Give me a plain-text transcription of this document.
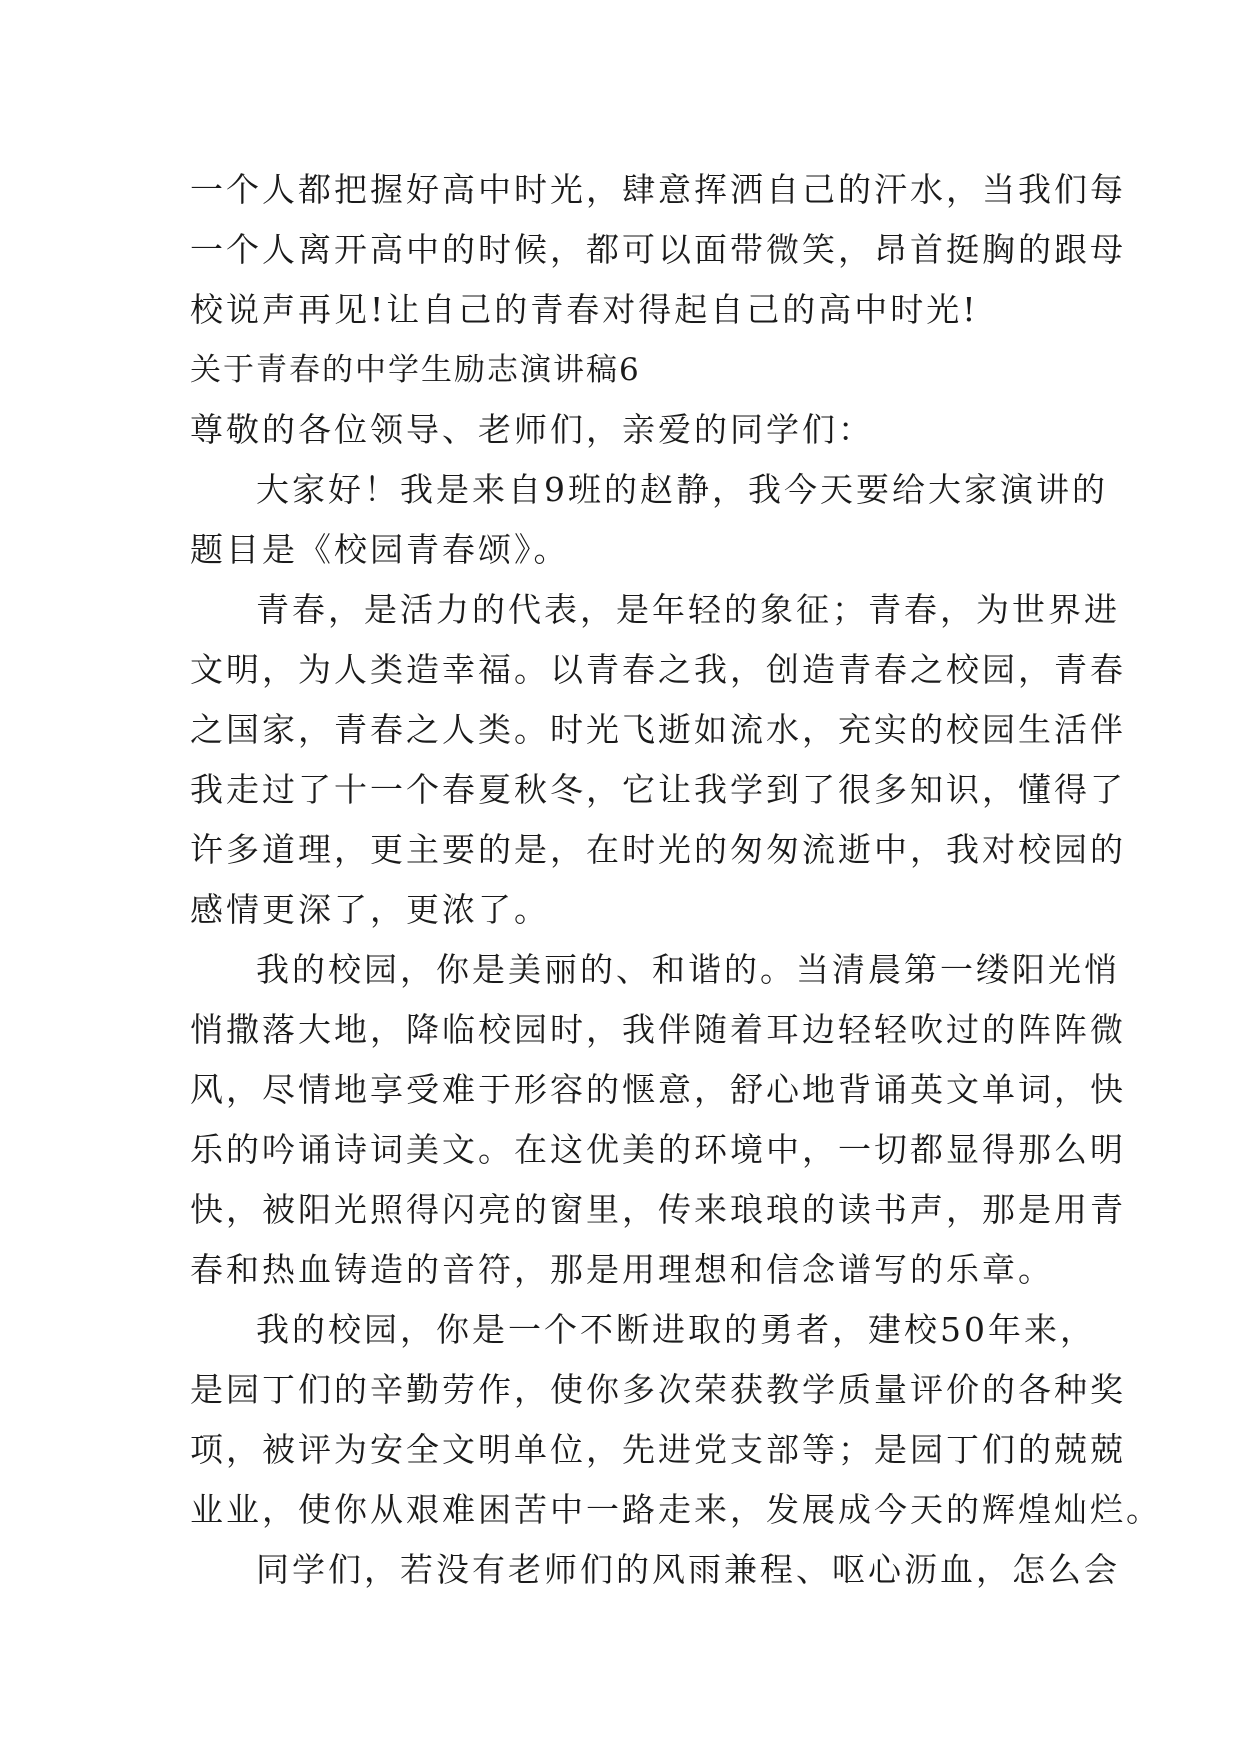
一个人都把握好高中时光，肆意挥洒自己的汗水，当我们每

一个人离开高中的时候，都可以面带微笑，昂首挺胸的跟母

校说声再见!让自己的青春对得起自己的高中时光!

关于青春的中学生励志演讲稿6

尊敬的各位领导、老师们，亲爱的同学们：

大家好！我是来自9班的赵静，我今天要给大家演讲的

题目是《校园青春颂》。

青春，是活力的代表，是年轻的象征；青春，为世界进

文明，为人类造幸福。以青春之我，创造青春之校园，青春

之国家，青春之人类。时光飞逝如流水，充实的校园生活伴

我走过了十一个春夏秋冬，它让我学到了很多知识，懂得了

许多道理，更主要的是，在时光的匆匆流逝中，我对校园的

感情更深了，更浓了。

我的校园，你是美丽的、和谐的。当清晨第一缕阳光悄

悄撒落大地，降临校园时，我伴随着耳边轻轻吹过的阵阵微

风，尽情地享受难于形容的惬意，舒心地背诵英文单词，快

乐的吟诵诗词美文。在这优美的环境中，一切都显得那么明

快，被阳光照得闪亮的窗里，传来琅琅的读书声，那是用青

春和热血铸造的音符，那是用理想和信念谱写的乐章。

我的校园，你是一个不断进取的勇者，建校50年来，

是园丁们的辛勤劳作，使你多次荣获教学质量评价的各种奖

项，被评为安全文明单位，先进党支部等；是园丁们的兢兢

业业，使你从艰难困苦中一路走来，发展成今天的辉煌灿烂。

同学们，若没有老师们的风雨兼程、呕心沥血，怎么会
